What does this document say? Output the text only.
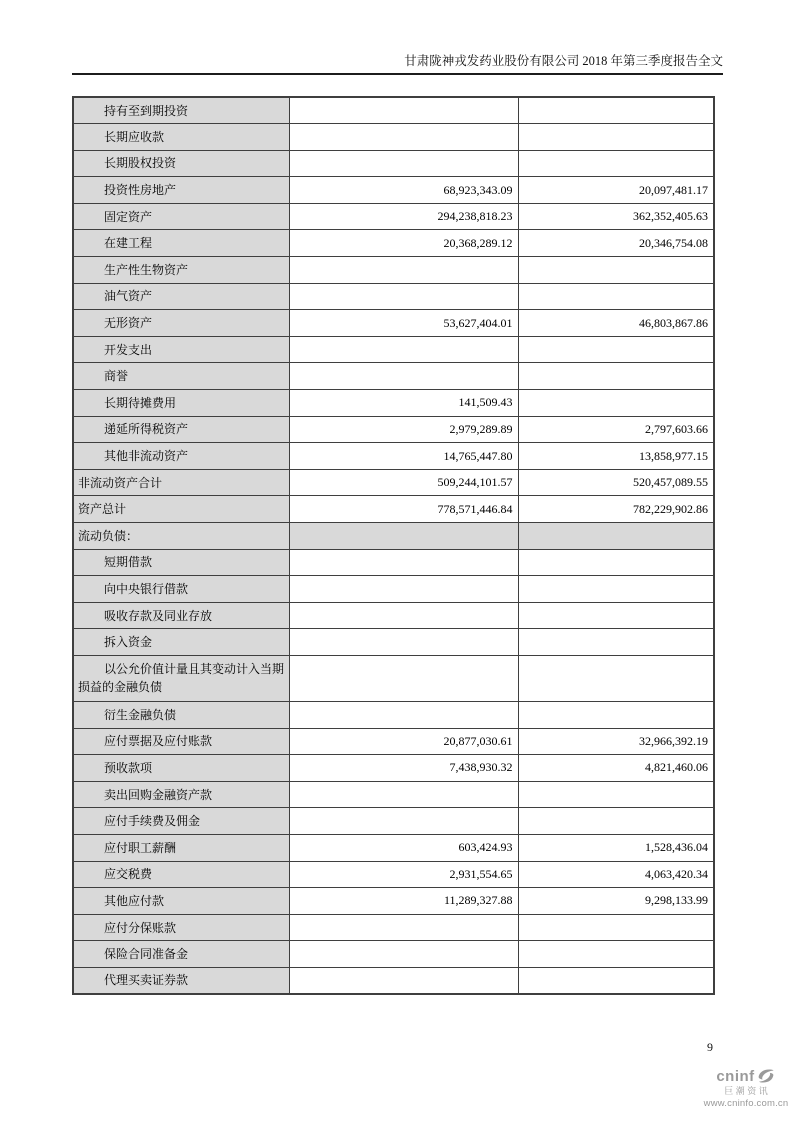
甘肃陇神戎发药业股份有限公司 2018 年第三季度报告全文
持有至到期投资		
长期应收款		
长期股权投资		
投资性房地产	68,923,343.09	20,097,481.17
固定资产	294,238,818.23	362,352,405.63
在建工程	20,368,289.12	20,346,754.08
生产性生物资产		
油气资产		
无形资产	53,627,404.01	46,803,867.86
开发支出		
商誉		
长期待摊费用	141,509.43	
递延所得税资产	2,979,289.89	2,797,603.66
其他非流动资产	14,765,447.80	13,858,977.15
非流动资产合计	509,244,101.57	520,457,089.55
资产总计	778,571,446.84	782,229,902.86
流动负债：		
短期借款		
向中央银行借款		
吸收存款及同业存放		
拆入资金		
以公允价值计量且其变动计入当期损益的金融负债		
衍生金融负债		
应付票据及应付账款	20,877,030.61	32,966,392.19
预收款项	7,438,930.32	4,821,460.06
卖出回购金融资产款		
应付手续费及佣金		
应付职工薪酬	603,424.93	1,528,436.04
应交税费	2,931,554.65	4,063,420.34
其他应付款	11,289,327.88	9,298,133.99
应付分保账款		
保险合同准备金		
代理买卖证券款		
9
cninf
巨潮资讯
www.cninfo.com.cn
